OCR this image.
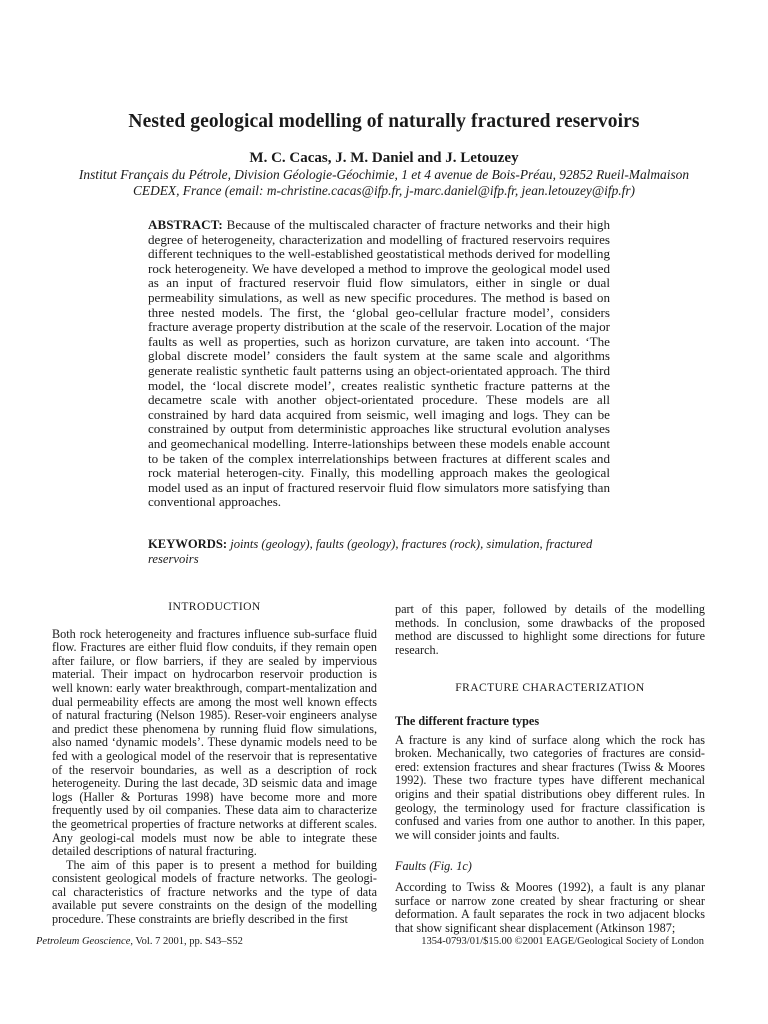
Nested geological modelling of naturally fractured reservoirs
M. C. Cacas, J. M. Daniel and J. Letouzey
Institut Français du Pétrole, Division Géologie-Géochimie, 1 et 4 avenue de Bois-Préau, 92852 Rueil-Malmaison
CEDEX, France (email: m-christine.cacas@ifp.fr, j-marc.daniel@ifp.fr, jean.letouzey@ifp.fr)
ABSTRACT: Because of the multiscaled character of fracture networks and their high degree of heterogeneity, characterization and modelling of fractured reservoirs requires different techniques to the well-established geostatistical methods derived for modelling rock heterogeneity. We have developed a method to improve the geological model used as an input of fractured reservoir fluid flow simulators, either in single or dual permeability simulations, as well as new specific procedures. The method is based on three nested models. The first, the ‘global geo-cellular fracture model’, considers fracture average property distribution at the scale of the reservoir. Location of the major faults as well as properties, such as horizon curvature, are taken into account. ‘The global discrete model’ considers the fault system at the same scale and algorithms generate realistic synthetic fault patterns using an object-orientated approach. The third model, the ‘local discrete model’, creates realistic synthetic fracture patterns at the decametre scale with another object-orientated procedure. These models are all constrained by hard data acquired from seismic, well imaging and logs. They can be constrained by output from deterministic approaches like structural evolution analyses and geomechanical modelling. Interre-lationships between these models enable account to be taken of the complex interrelationships between fractures at different scales and rock material heterogen-city. Finally, this modelling approach makes the geological model used as an input of fractured reservoir fluid flow simulators more satisfying than conventional approaches.
KEYWORDS: joints (geology), faults (geology), fractures (rock), simulation, fractured reservoirs
INTRODUCTION

Both rock heterogeneity and fractures influence sub-surface fluid flow. Fractures are either fluid flow conduits, if they remain open after failure, or flow barriers, if they are sealed by impervious material. Their impact on hydrocarbon reservoir production is well known: early water breakthrough, compart-mentalization and dual permeability effects are among the most well known effects of natural fracturing (Nelson 1985). Reser-voir engineers analyse and predict these phenomena by running fluid flow simulations, also named ‘dynamic models’. These dynamic models need to be fed with a geological model of the reservoir that is representative of the reservoir boundaries, as well as a description of rock heterogeneity. During the last decade, 3D seismic data and image logs (Haller & Porturas 1998) have become more and more frequently used by oil companies. These data aim to characterize the geometrical properties of fracture networks at different scales. Any geologi-cal models must now be able to integrate these detailed descriptions of natural fracturing.

The aim of this paper is to present a method for building consistent geological models of fracture networks. The geologi-cal characteristics of fracture networks and the type of data available put severe constraints on the design of the modelling procedure. These constraints are briefly described in the first

part of this paper, followed by details of the modelling methods. In conclusion, some drawbacks of the proposed method are discussed to highlight some directions for future research.

FRACTURE CHARACTERIZATION
The different fracture types

A fracture is any kind of surface along which the rock has broken. Mechanically, two categories of fractures are consid-ered: extension fractures and shear fractures (Twiss & Moores 1992). These two fracture types have different mechanical origins and their spatial distributions obey different rules. In geology, the terminology used for fracture classification is confused and varies from one author to another. In this paper, we will consider joints and faults.

Faults (Fig. 1c)

According to Twiss & Moores (1992), a fault is any planar surface or narrow zone created by shear fracturing or shear deformation. A fault separates the rock in two adjacent blocks that show significant shear displacement (Atkinson 1987;

Petroleum Geoscience, Vol. 7 2001, pp. S43–S52	1354-0793/01/$15.00 ©2001 EAGE/Geological Society of London
